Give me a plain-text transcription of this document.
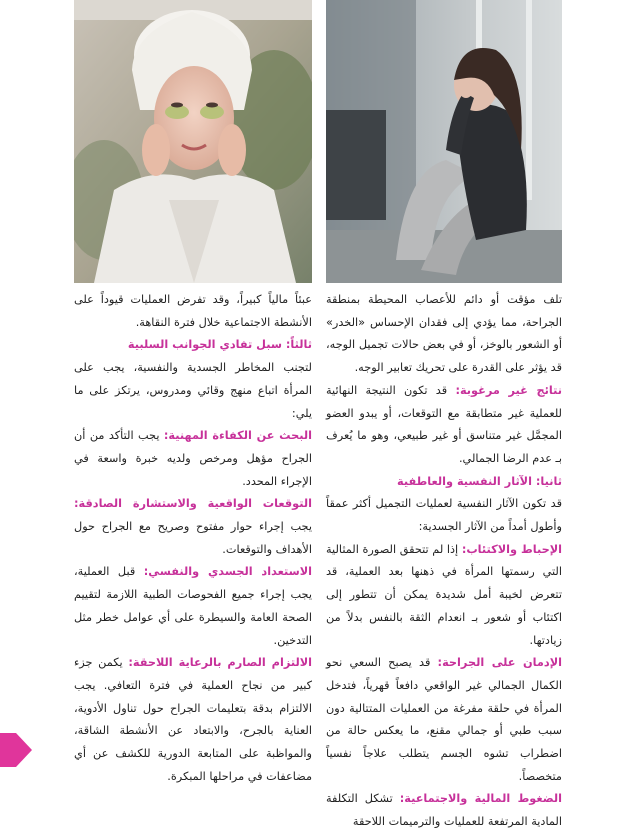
تلف مؤقت أو دائم للأعصاب المحيطة بمنطقة الجراحة، مما يؤدي إلى فقدان الإحساس «الخدر» أو الشعور بالوخز، أو في بعض حالات تجميل الوجه، قد يؤثر على القدرة على تحريك تعابير الوجه.

نتائج غير مرغوبة: قد تكون النتيجة النهائية للعملية غير متطابقة مع التوقعات، أو يبدو العضو المجمَّل غير متناسق أو غير طبيعي، وهو ما يُعرف بـ عدم الرضا الجمالي.

ثانيا: الآثار النفسية والعاطفية

قد تكون الآثار النفسية لعمليات التجميل أكثر عمقاً وأطول أمداً من الآثار الجسدية:

الإحباط والاكتئاب: إذا لم تتحقق الصورة المثالية التي رسمتها المرأة في ذهنها بعد العملية، قد تتعرض لخيبة أمل شديدة يمكن أن تتطور إلى اكتئاب أو شعور بـ انعدام الثقة بالنفس بدلاً من زيادتها.

الإدمان على الجراحة: قد يصبح السعي نحو الكمال الجمالي غير الواقعي دافعاً قهرياً، فتدخل المرأة في حلقة مفرغة من العمليات المتتالية دون سبب طبي أو جمالي مقنع، ما يعكس حالة من اضطراب تشوه الجسم يتطلب علاجاً نفسياً متخصصاً.

الضغوط المالية والاجتماعية: تشكل التكلفة المادية المرتفعة للعمليات والترميمات اللاحقة

عبئاً مالياً كبيراً، وقد تفرض العمليات قيوداً على الأنشطة الاجتماعية خلال فترة النقاهة.

ثالثاً: سبل تفادي الجوانب السلبية

لتجنب المخاطر الجسدية والنفسية، يجب على المرأة اتباع منهج وقائي ومدروس، يرتكز على ما يلي:

البحث عن الكفاءة المهنية: يجب التأكد من أن الجراح مؤهل ومرخص ولديه خبرة واسعة في الإجراء المحدد.

التوقعات الواقعية والاستشارة الصادقة: يجب إجراء حوار مفتوح وصريح مع الجراح حول الأهداف والتوقعات.

الاستعداد الجسدي والنفسي: قبل العملية، يجب إجراء جميع الفحوصات الطبية اللازمة لتقييم الصحة العامة والسيطرة على أي عوامل خطر مثل التدخين.

الالتزام الصارم بالرعاية اللاحقة: يكمن جزء كبير من نجاح العملية في فترة التعافي. يجب الالتزام بدقة بتعليمات الجراح حول تناول الأدوية، العناية بالجرح، والابتعاد عن الأنشطة الشاقة، والمواظبة على المتابعة الدورية للكشف عن أي مضاعفات في مراحلها المبكرة.
